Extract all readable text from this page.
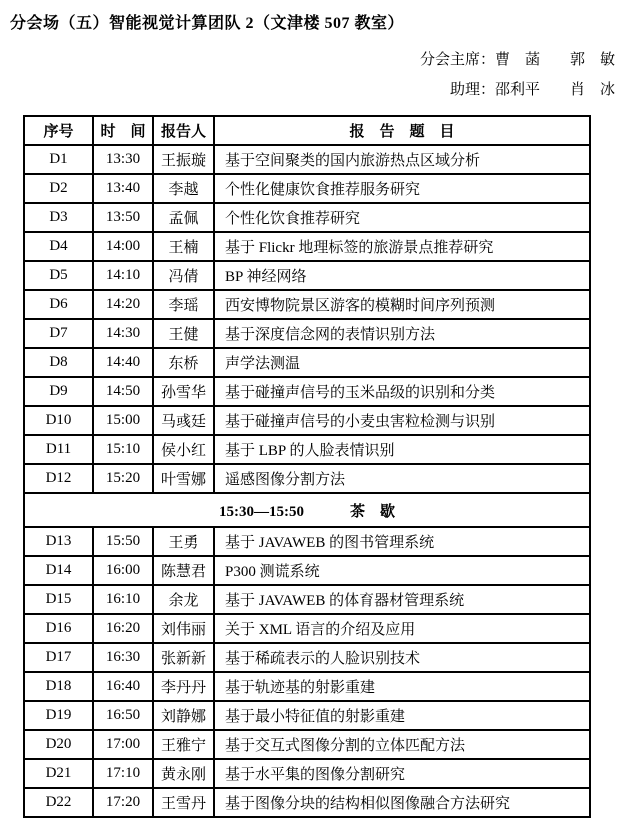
分会场（五）智能视觉计算团队 2（文津楼 507 教室）
分会主席：曹　菡　　郭　敏
助理：邵利平　　肖　冰
序号	时　间	报告人	报　告　题　目
D1	13:30	王振璇	基于空间聚类的国内旅游热点区域分析
D2	13:40	李越	个性化健康饮食推荐服务研究
D3	13:50	孟佩	个性化饮食推荐研究
D4	14:00	王楠	基于 Flickr 地理标签的旅游景点推荐研究
D5	14:10	冯倩	BP 神经网络
D6	14:20	李瑶	西安博物院景区游客的模糊时间序列预测
D7	14:30	王健	基于深度信念网的表情识别方法
D8	14:40	东桥	声学法测温
D9	14:50	孙雪华	基于碰撞声信号的玉米品级的识别和分类
D10	15:00	马彧廷	基于碰撞声信号的小麦虫害粒检测与识别
D11	15:10	侯小红	基于 LBP 的人脸表情识别
D12	15:20	叶雪娜	遥感图像分割方法
15:30—15:50 茶　歇			
D13	15:50	王勇	基于 JAVAWEB 的图书管理系统
D14	16:00	陈慧君	P300 测谎系统
D15	16:10	余龙	基于 JAVAWEB 的体育器材管理系统
D16	16:20	刘伟丽	关于 XML 语言的介绍及应用
D17	16:30	张新新	基于稀疏表示的人脸识别技术
D18	16:40	李丹丹	基于轨迹基的射影重建
D19	16:50	刘静娜	基于最小特征值的射影重建
D20	17:00	王雅宁	基于交互式图像分割的立体匹配方法
D21	17:10	黄永刚	基于水平集的图像分割研究
D22	17:20	王雪丹	基于图像分块的结构相似图像融合方法研究
